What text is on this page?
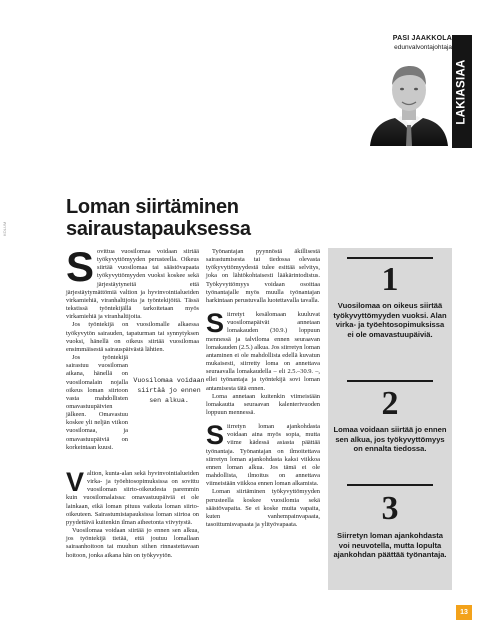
KOLUM
PASI JAAKKOLA
edunvalvontajohtaja
LAKIASIAA
Loman siirtäminen
sairaustapauksessa

Sovittua vuosilomaa voidaan siirtää työkyvyttömyyden perusteella. Oikeus siirtää vuosilomaa tai säästövapaata työkyvyttömyyden vuoksi koskee sekä järjestäytyneitä että järjestäytymättömiä valtion ja hyvinvointialueiden virkamiehiä, viranhaltijoita ja työntekijöitä. Tässä tekstissä työntekijällä tarkoitetaan myös virkamiehiä ja viranhaltijoita.

Jos työntekijä on vuosilomalle alkaessa työkyvytön sairauden, tapaturman tai synnytyksen vuoksi, hänellä on oikeus siirtää vuosilomaa ensimmäisestä sairauspäivästä lähtien.

Jos työntekijä sairastuu vuosiloman aikana, hänellä on vuosilomalain nojalla oikeus loman siirtoon vasta mahdollisten omavastuupäivien jälkeen. Omavastuu koskee yli neljän viikon vuosilomaa, ja omavastuupäiviä on korkeintaan kuusi.

Vuosilomaa voidaan siirtää jo ennen sen alkua.

Valtion, kunta-alan sekä hyvinvointialueiden virka- ja työehtosopimuksissa on sovittu vuosiloman siirto-oikeudesta paremmin kuin vuosilomalaissa: omavastuupäiviä ei ole lainkaan, eikä loman pituus vaikuta loman siirto-oikeuteen. Sairastumistapauksissa loman siirtoa on pyydettävä kuitenkin ilman aiheetonta viivytystä.

Vuosilomaa voidaan siirtää jo ennen sen alkua, jos työntekijä tietää, että joutuu lomallaan sairaanhoitoon tai muuhun siihen rinnastettavaan hoitoon, jonka aikana hän on työkyvytön.

Työnantajan pyynnöstä äkillisestä sairastumisesta tai tiedossa olevasta työkyvyttömyydestä tulee esittää selvitys, joka on lähtökohtaisesti lääkärintodistus. Työkyvyttömyys voidaan osoittaa työnantajalle myös muulla työnantajan harkintaan perustuvalla luotettavalla tavalla.

Siirretyt kesälomaan kuuluvat vuosilomapäivät annetaan lomakauden (30.9.) loppuun mennessä ja talviloma ennen seuraavan lomakauden (2.5.) alkua. Jos siirretyn loman antaminen ei ole mahdollista edellä kuvatun mukaisesti, siirretty loma on annettava seuraavalla lomakaudella – eli 2.5.–30.9. –, ellei työnantaja ja työntekijä sovi loman antamisesta tätä ennen.

Loma annetaan kuitenkin viimeistään lomakautta seuraavan kalenterivuoden loppuun mennessä.

Siirretyn loman ajankohdasta voidaan aina myös sopia, mutta viime kädessä asiasta päättää työnantaja. Työnantajan on ilmoitettava siirretyn loman ajankohdasta kaksi viikkoa ennen loman alkua. Jos tämä ei ole mahdollista, ilmoitus on annettava viimeistään viikkoa ennen loman alkamista.

Loman siirtäminen työkyvyttömyyden perusteella koskee vuosilomia sekä säästövapaita. Se ei koske muita vapaita, kuten vanhempainvapaata, tasoittumisvapaata ja ylityövapaata.

1
Vuosilomaa on oikeus siirtää työkyvyttömyyden vuoksi. Alan virka- ja työehtosopimuksissa ei ole omavastuupäiviä.
2
Lomaa voidaan siirtää jo ennen sen alkua, jos työkyvyttömyys on ennalta tiedossa.
3
Siirretyn loman ajankohdasta voi neuvotella, mutta lopulta ajankohdan päättää työnantaja.
13
